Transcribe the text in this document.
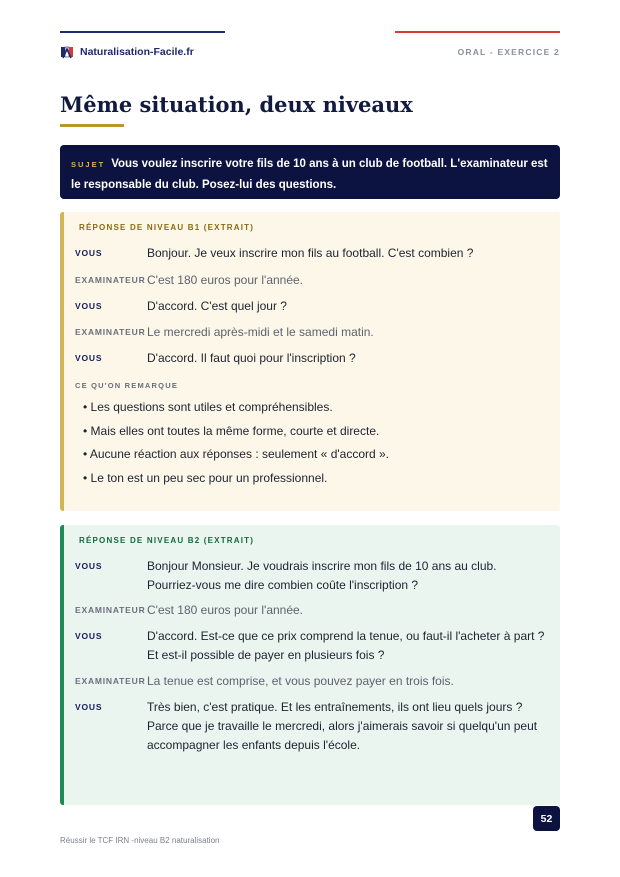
Naturalisation-Facile.fr	ORAL - EXERCICE 2
Même situation, deux niveaux
SUJET Vous voulez inscrire votre fils de 10 ans à un club de football. L'examinateur est le responsable du club. Posez-lui des questions.
RÉPONSE DE NIVEAU B1 (EXTRAIT)
VOUS	Bonjour. Je veux inscrire mon fils au football. C'est combien ?
EXAMINATEUR C'est 180 euros pour l'année.
VOUS	D'accord. C'est quel jour ?
EXAMINATEUR Le mercredi après-midi et le samedi matin.
VOUS	D'accord. Il faut quoi pour l'inscription ?
CE QU'ON REMARQUE
• Les questions sont utiles et compréhensibles.
• Mais elles ont toutes la même forme, courte et directe.
• Aucune réaction aux réponses : seulement « d'accord ».
• Le ton est un peu sec pour un professionnel.
RÉPONSE DE NIVEAU B2 (EXTRAIT)
VOUS	Bonjour Monsieur. Je voudrais inscrire mon fils de 10 ans au club. Pourriez-vous me dire combien coûte l'inscription ?
EXAMINATEUR C'est 180 euros pour l'année.
VOUS	D'accord. Est-ce que ce prix comprend la tenue, ou faut-il l'acheter à part ? Et est-il possible de payer en plusieurs fois ?
EXAMINATEUR La tenue est comprise, et vous pouvez payer en trois fois.
VOUS	Très bien, c'est pratique. Et les entraînements, ils ont lieu quels jours ? Parce que je travaille le mercredi, alors j'aimerais savoir si quelqu'un peut accompagner les enfants depuis l'école.
52
Réussir le TCF IRN -niveau B2 naturalisation
